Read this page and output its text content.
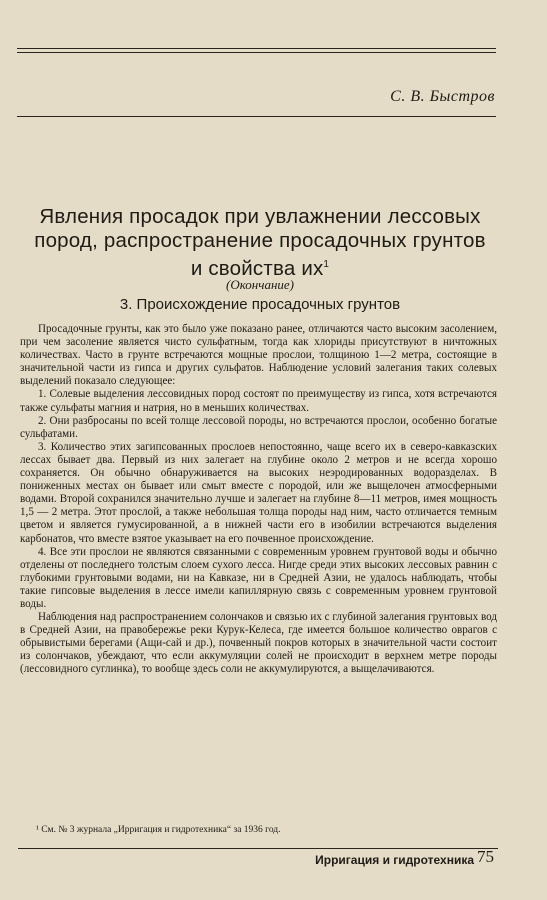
С. В. Быстров
Явления просадок при увлажнении лессовых
пород, распространение просадочных грунтов
и свойства $их^1$
(Окончание)
3. Происхождение просадочных грунтов

Просадочные грунты, как это было уже показано ранее, отличаются часто высоким засолением, при чем засоление является чисто сульфатным, тогда как хлориды присутствуют в ничтожных количествах. Часто в грунте встречаются мощные прослои, толщиною 1—2 метра, состоящие в значительной части из гипса и других сульфатов. Наблюдение условий залегания таких солевых выделений показало следующее:

1. Солевые выделения лессовидных пород состоят по преимуществу из гипса, хотя встречаются также сульфаты магния и натрия, но в меньших количествах.

2. Они разбросаны по всей толще лессовой породы, но встречаются прослои, особенно богатые сульфатами.

3. Количество этих загипсованных прослоев непостоянно, чаще всего их в северо-кавказских лессах бывает два. Первый из них залегает на глубине около 2 метров и не всегда хорошо сохраняется. Он обычно обнаруживается на высоких неэродированных водоразделах. В пониженных местах он бывает или смыт вместе с породой, или же выщелочен атмосферными водами. Второй сохранился значительно лучше и залегает на глубине 8—11 метров, имея мощность 1,5 — 2 метра. Этот прослой, а также небольшая толща породы над ним, часто отличается темным цветом и является гумусированной, а в нижней части его в изобилии встречаются выделения карбонатов, что вместе взятое указывает на его почвенное происхождение.

4. Все эти прослои не являются связанными с современным уровнем грунтовой воды и обычно отделены от последнего толстым слоем сухого лесса. Нигде среди этих высоких лессовых равнин с глубокими грунтовыми водами, ни на Кавказе, ни в Средней Азии, не удалось наблюдать, чтобы такие гипсовые выделения в лессе имели капиллярную связь с современным уровнем грунтовой воды.

Наблюдения над распространением солончаков и связью их с глубиной залегания грунтовых вод в Средней Азии, на правобережье реки Курук-Келеса, где имеется большое количество оврагов с обрывистыми берегами (Ащи-сай и др.), почвенный покров которых в значительной части состоит из солончаков, убеждают, что если аккумуляции солей не происходит в верхнем метре породы (лессовидного суглинка), то вообще здесь соли не аккумулируются, а выщелачиваются.

¹ См. № 3 журнала „Ирригация и гидротехника“ за 1936 год.
Ирригация и гидротехника 75
